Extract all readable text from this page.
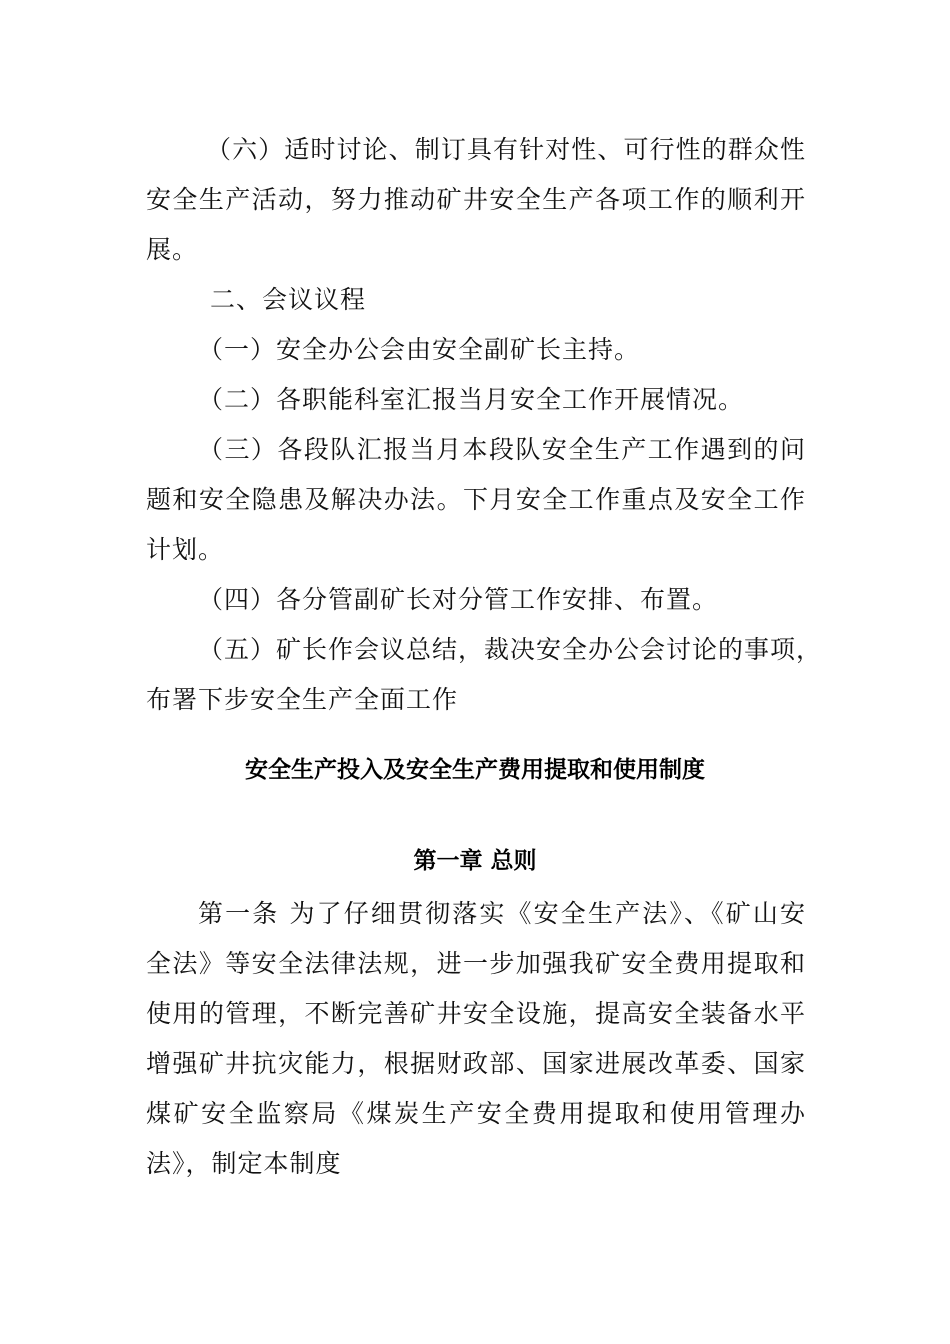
（六）适时讨论、制订具有针对性、可行性的群众性
安全生产活动，努力推动矿井安全生产各项工作的顺利开
展。
二、会议议程
（一）安全办公会由安全副矿长主持。
（二）各职能科室汇报当月安全工作开展情况。
（三）各段队汇报当月本段队安全生产工作遇到的问
题和安全隐患及解决办法。下月安全工作重点及安全工作
计划。
（四）各分管副矿长对分管工作安排、布置。
（五）矿长作会议总结，裁决安全办公会讨论的事项，
布署下步安全生产全面工作
安全生产投入及安全生产费用提取和使用制度
第一章 总则
第一条 为了仔细贯彻落实《安全生产法》、《矿山安
全法》等安全法律法规，进一步加强我矿安全费用提取和
使用的管理，不断完善矿井安全设施，提高安全装备水平
增强矿井抗灾能力，根据财政部、国家进展改革委、国家
煤矿安全监察局《煤炭生产安全费用提取和使用管理办
法》，制定本制度
